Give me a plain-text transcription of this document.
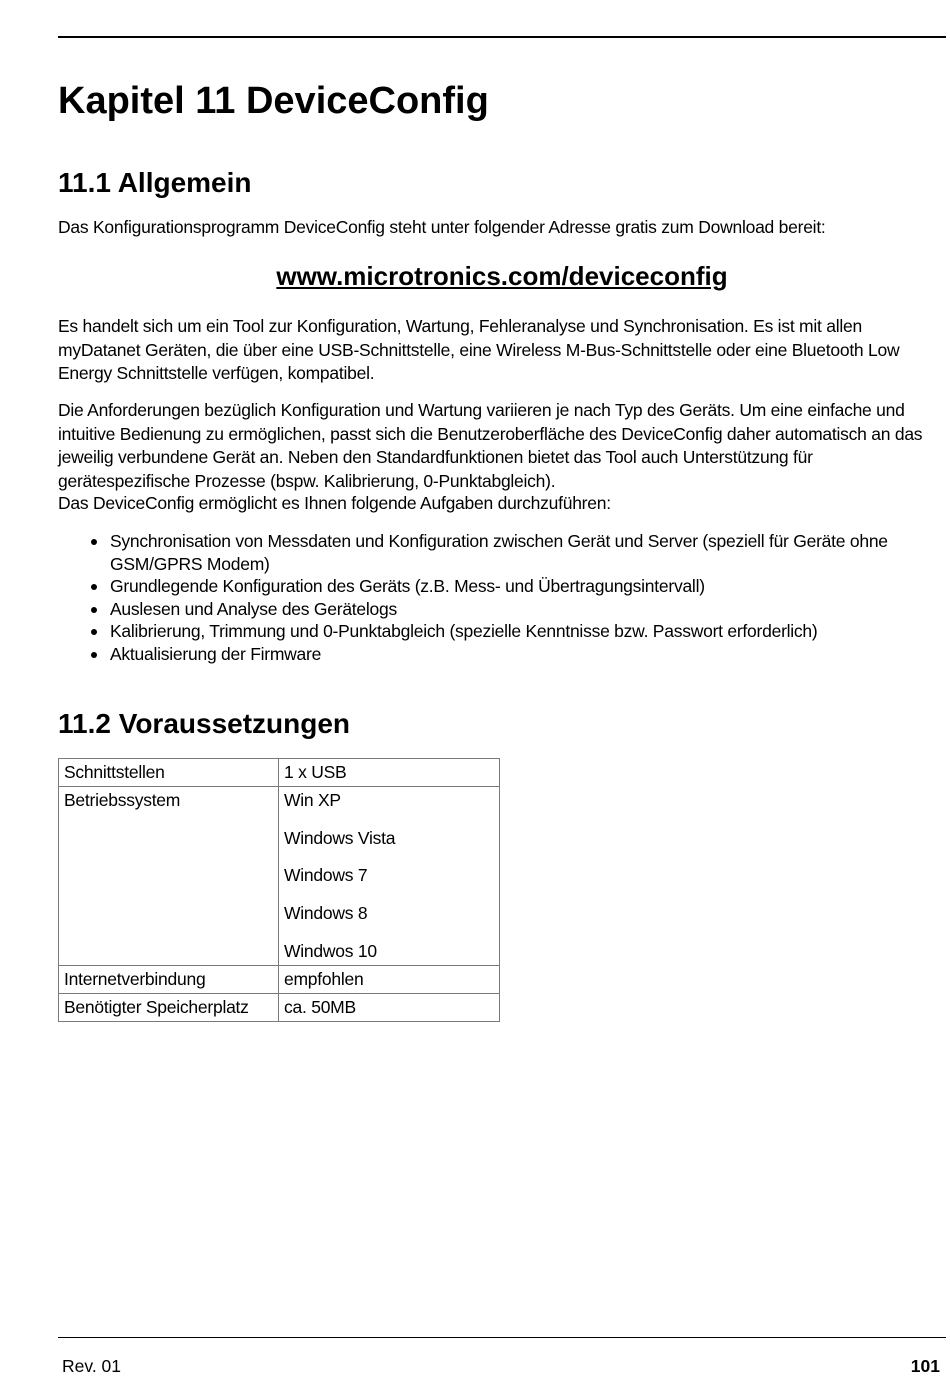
Kapitel 11 DeviceConfig
11.1 Allgemein

Das Konfigurationsprogramm DeviceConfig steht unter folgender Adresse gratis zum Download bereit:

www.microtronics.com/deviceconfig

Es handelt sich um ein Tool zur Konfiguration, Wartung, Fehleranalyse und Synchronisation. Es ist mit allen myDatanet Geräten, die über eine USB-Schnittstelle, eine Wireless M-Bus-Schnittstelle oder eine Bluetooth Low Energy Schnittstelle verfügen, kompatibel.

Die Anforderungen bezüglich Konfiguration und Wartung variieren je nach Typ des Geräts. Um eine einfache und intuitive Bedienung zu ermöglichen, passt sich die Benutzeroberfläche des DeviceConfig daher automatisch an das jeweilig verbundene Gerät an. Neben den Standardfunktionen bietet das Tool auch Unterstützung für gerätespezifische Prozesse (bspw. Kalibrierung, 0-Punktabgleich).

Das DeviceConfig ermöglicht es Ihnen folgende Aufgaben durchzuführen:

Synchronisation von Messdaten und Konfiguration zwischen Gerät und Server (speziell für Geräte ohne GSM/GPRS Modem)
Grundlegende Konfiguration des Geräts (z.B. Mess- und Übertragungsintervall)
Auslesen und Analyse des Gerätelogs
Kalibrierung, Trimmung und 0-Punktabgleich (spezielle Kenntnisse bzw. Passwort erforderlich)
Aktualisierung der Firmware
11.2 Voraussetzungen
Schnittstellen	1 x USB
Betriebssystem	Win XP
Windows Vista
Windows 7
Windows 8
Windwos 10

Internetverbindung	empfohlen
Benötigter Speicherplatz	ca. 50MB
Rev. 01	101
